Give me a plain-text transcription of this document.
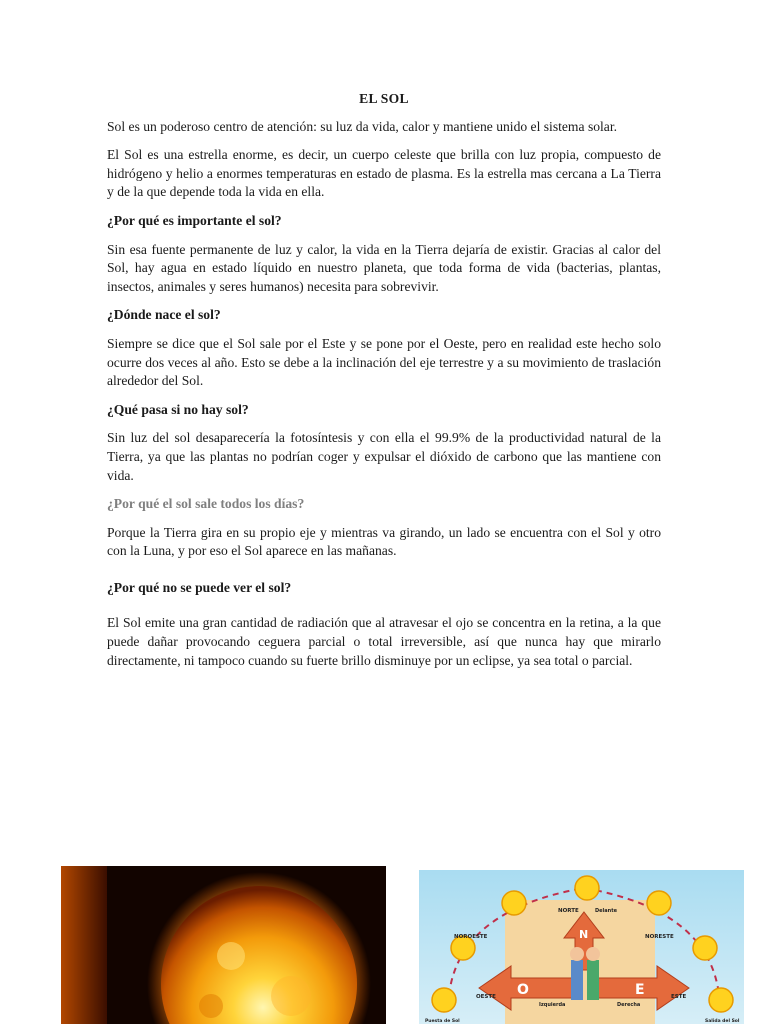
EL SOL

Sol es un poderoso centro de atención: su luz da vida, calor y mantiene unido el sistema solar.

El Sol es una estrella enorme, es decir, un cuerpo celeste que brilla con luz propia, compuesto de hidrógeno y helio a enormes temperaturas en estado de plasma. Es la estrella mas cercana a La Tierra y de la que depende toda la vida en ella.

¿Por qué es importante el sol?

Sin esa fuente permanente de luz y calor, la vida en la Tierra dejaría de existir. Gracias al calor del Sol, hay agua en estado líquido en nuestro planeta, que toda forma de vida (bacterias, plantas, insectos, animales y seres humanos) necesita para sobrevivir.

¿Dónde nace el sol?

Siempre se dice que el Sol sale por el Este y se pone por el Oeste, pero en realidad este hecho solo ocurre dos veces al año. Esto se debe a la inclinación del eje terrestre y a su movimiento de traslación alrededor del Sol.

¿Qué pasa si no hay sol?

Sin luz del sol desaparecería la fotosíntesis y con ella el 99.9% de la productividad natural de la Tierra, ya que las plantas no podrían coger y expulsar el dióxido de carbono que las mantiene con vida.

¿Por qué el sol sale todos los días?

Porque la Tierra gira en su propio eje y mientras va girando, un lado se encuentra con el Sol y otro con la Luna, y por eso el Sol aparece en las mañanas.

¿Por qué no se puede ver el sol?

El Sol emite una gran cantidad de radiación que al atravesar el ojo se concentra en la retina, a la que puede dañar provocando ceguera parcial o total irreversible, así que nunca hay que mirarlo directamente, ni tampoco cuando su fuerte brillo disminuye por un eclipse, ya sea total o parcial.

NORTE	Delante
NOROESTE	NORESTE
OESTE	ESTE
Izquierda	Derecha
N
O	E
Puesta de Sol	Salida del Sol
